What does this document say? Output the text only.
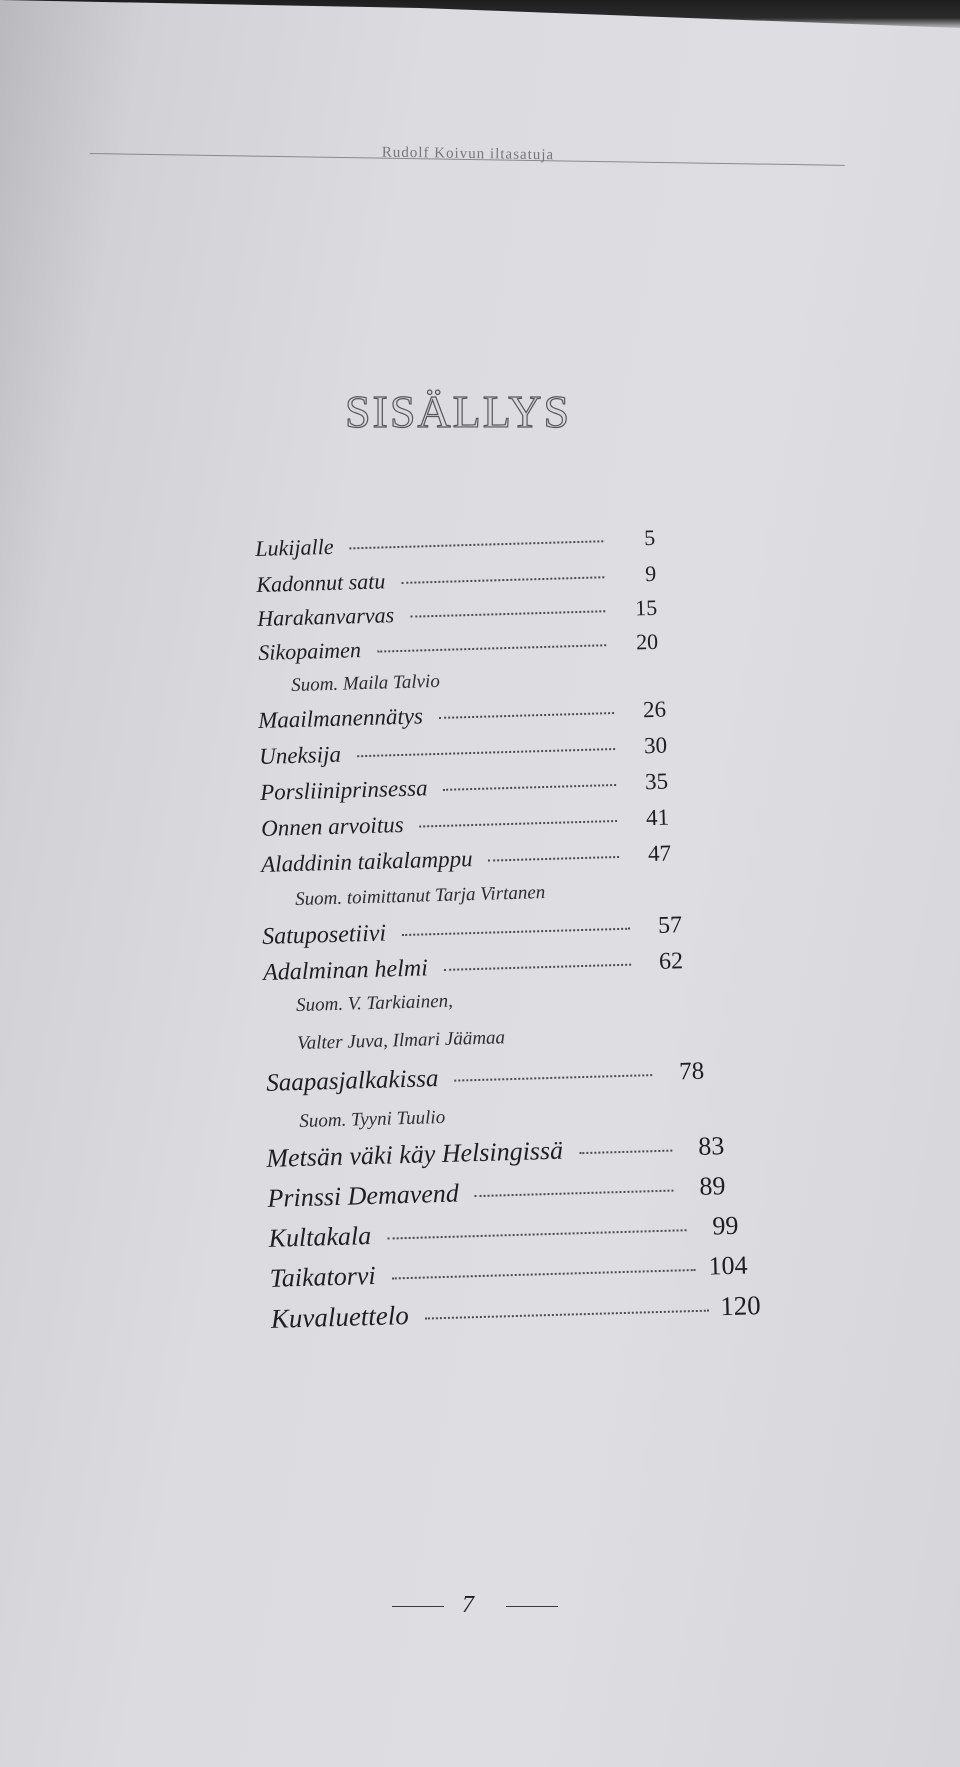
Rudolf Koivun iltasatuja
SISÄLLYS
Lukijalle	5
Kadonnut satu	9
Harakanvarvas	15
Sikopaimen	20
Suom. Maila Talvio
Maailmanennätys	26
Uneksija	30
Porsliiniprinsessa	35
Onnen arvoitus	41
Aladdinin taikalamppu	47
Suom. toimittanut Tarja Virtanen
Satuposetiivi	57
Adalminan helmi	62
Suom. V. Tarkiainen,
Valter Juva, Ilmari Jäämaa
Saapasjalkakissa	78
Suom. Tyyni Tuulio
Metsän väki käy Helsingissä	83
Prinssi Demavend	89
Kultakala	99
Taikatorvi	104
Kuvaluettelo	120
7
